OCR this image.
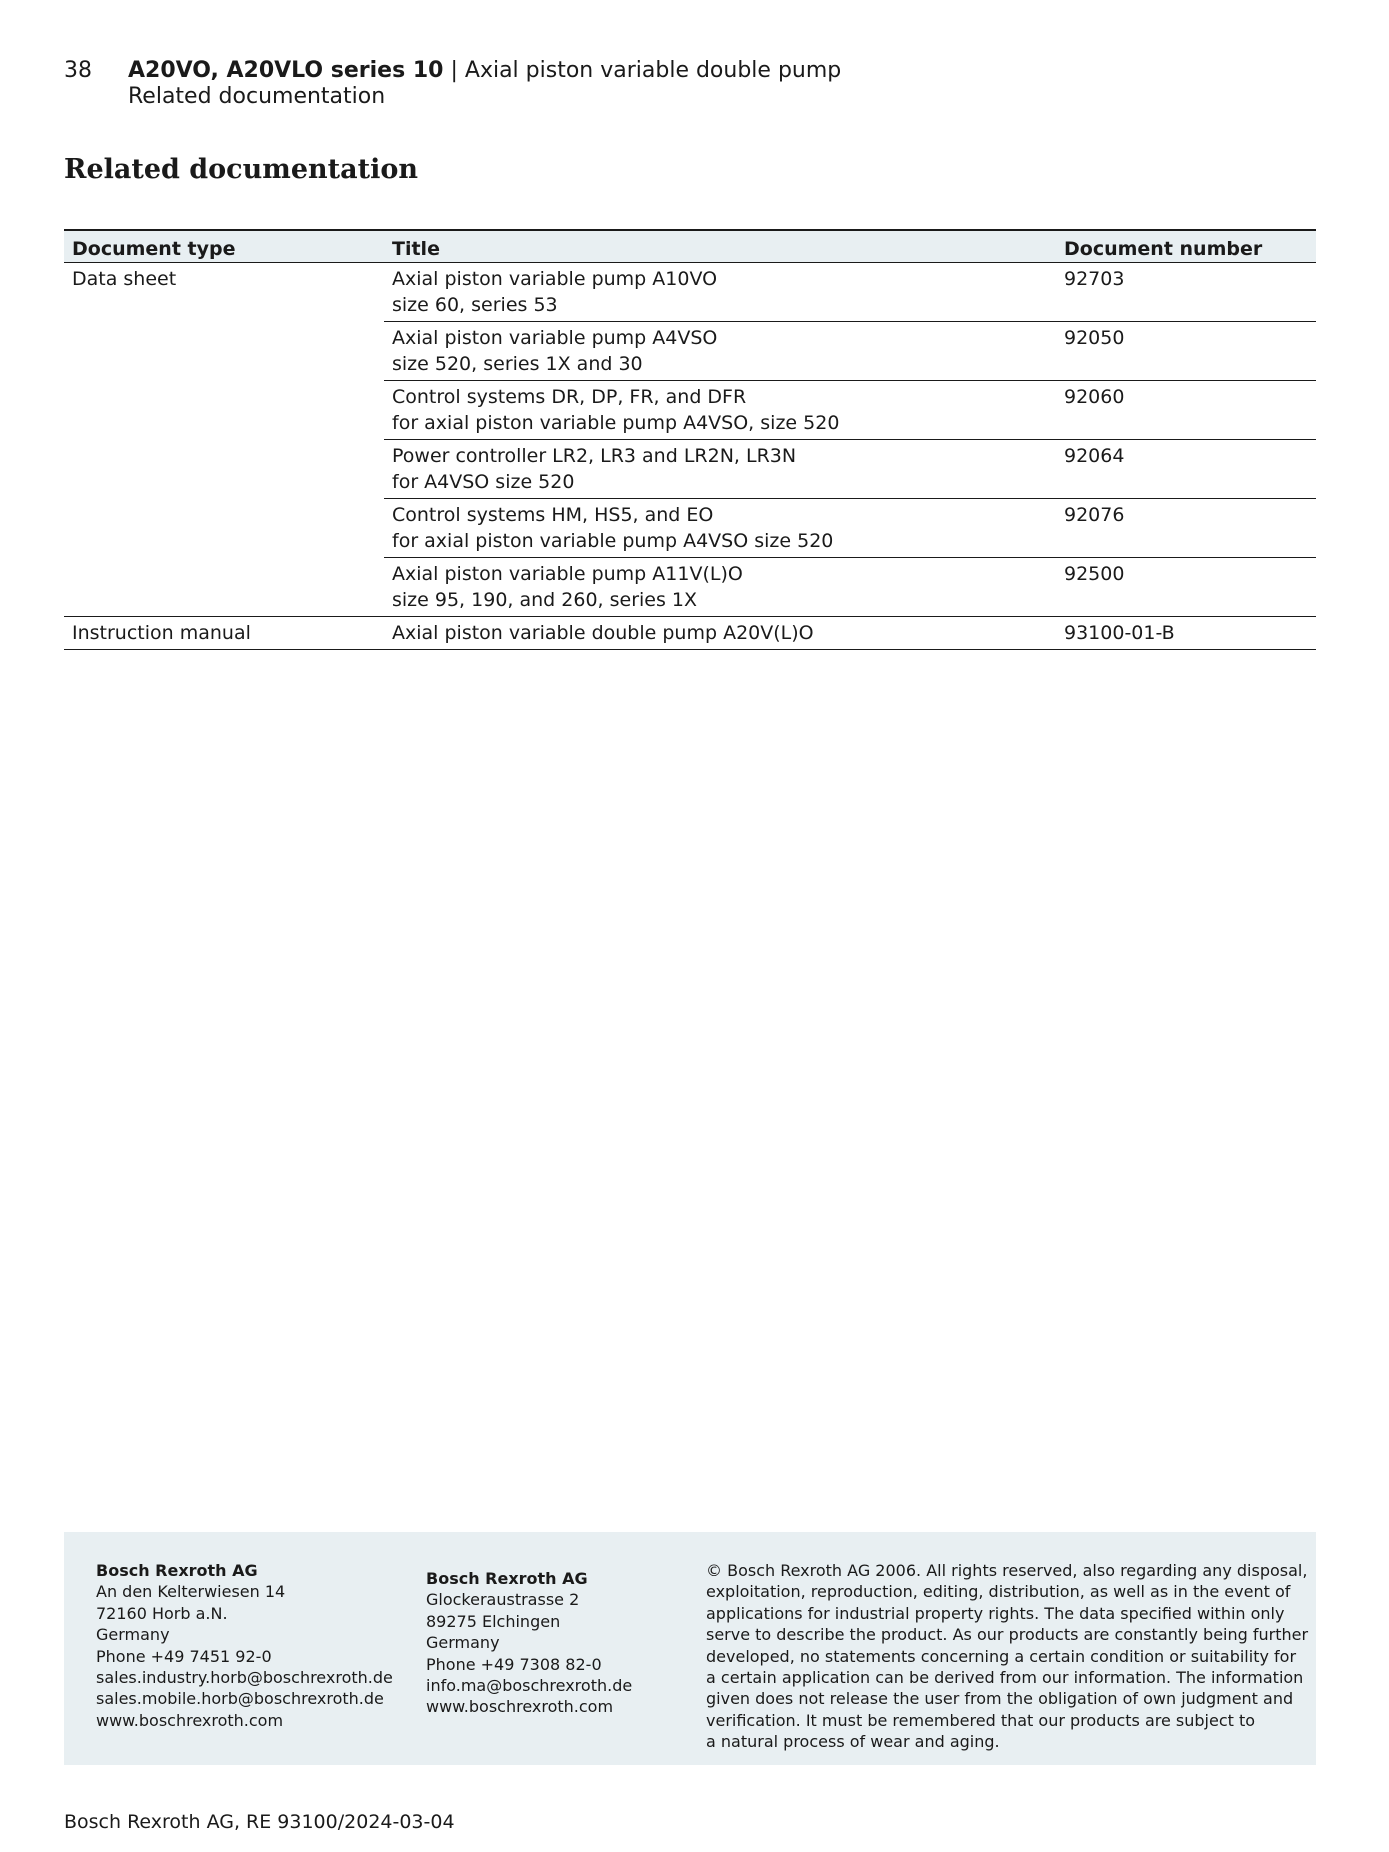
38 A20VO, A20VLO series 10 | Axial piston variable double pump
Related documentation
Related documentation
Document type	Title	Document number
Data sheet	Axial piston variable pump A10VO
size 60, series 53	92703

	Axial piston variable pump A4VSO
size 520, series 1X and 30	92050

	Control systems DR, DP, FR, and DFR
for axial piston variable pump A4VSO, size 520	92060

	Power controller LR2, LR3 and LR2N, LR3N
for A4VSO size 520	92064

	Control systems HM, HS5, and EO
for axial piston variable pump A4VSO size 520	92076

	Axial piston variable pump A11V(L)O
size 95, 190, and 260, series 1X	92500
Instruction manual	Axial piston variable double pump A20V(L)O	93100-01-B
Bosch Rexroth AG
An den Kelterwiesen 14
72160 Horb a.N.
Germany
Phone +49 7451 92-0
sales.industry.horb@boschrexroth.de
sales.mobile.horb@boschrexroth.de
www.boschrexroth.com
Bosch Rexroth AG
Glockeraustrasse 2
89275 Elchingen
Germany
Phone +49 7308 82-0
info.ma@boschrexroth.de
www.boschrexroth.com
© Bosch Rexroth AG 2006. All rights reserved, also regarding any disposal,
exploitation, reproduction, editing, distribution, as well as in the event of
applications for industrial property rights. The data specified within only
serve to describe the product. As our products are constantly being further
developed, no statements concerning a certain condition or suitability for
a certain application can be derived from our information. The information
given does not release the user from the obligation of own judgment and
verification. It must be remembered that our products are subject to
a natural process of wear and aging.
Bosch Rexroth AG, RE 93100/2024-03-04
